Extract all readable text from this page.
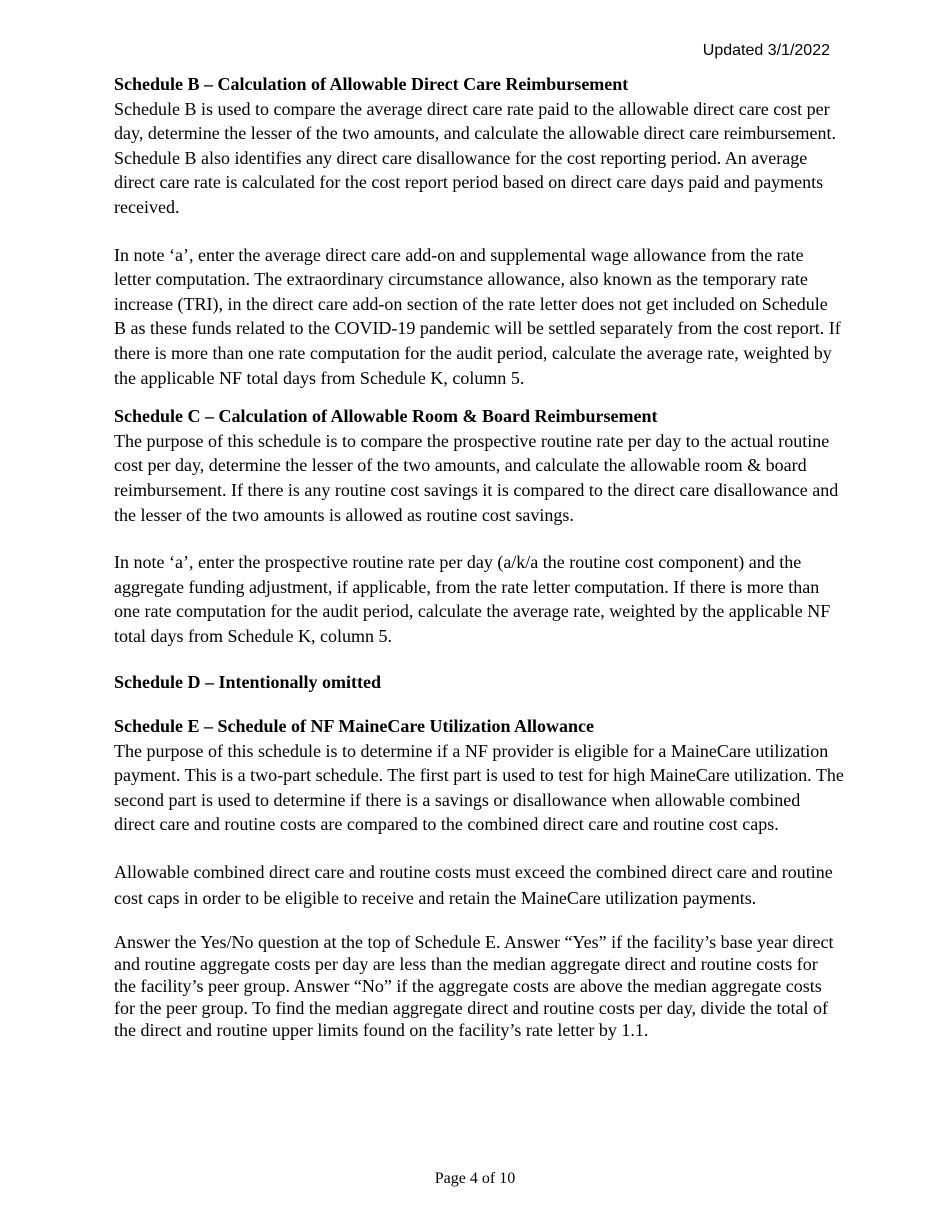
Updated 3/1/2022

Schedule B – Calculation of Allowable Direct Care Reimbursement

Schedule B is used to compare the average direct care rate paid to the allowable direct care cost per day, determine the lesser of the two amounts, and calculate the allowable direct care reimbursement. Schedule B also identifies any direct care disallowance for the cost reporting period. An average direct care rate is calculated for the cost report period based on direct care days paid and payments received.

In note ‘a’, enter the average direct care add-on and supplemental wage allowance from the rate letter computation. The extraordinary circumstance allowance, also known as the temporary rate increase (TRI), in the direct care add-on section of the rate letter does not get included on Schedule B as these funds related to the COVID-19 pandemic will be settled separately from the cost report. If there is more than one rate computation for the audit period, calculate the average rate, weighted by the applicable NF total days from Schedule K, column 5.

Schedule C – Calculation of Allowable Room & Board Reimbursement

The purpose of this schedule is to compare the prospective routine rate per day to the actual routine cost per day, determine the lesser of the two amounts, and calculate the allowable room & board reimbursement. If there is any routine cost savings it is compared to the direct care disallowance and the lesser of the two amounts is allowed as routine cost savings.

In note ‘a’, enter the prospective routine rate per day (a/k/a the routine cost component) and the aggregate funding adjustment, if applicable, from the rate letter computation. If there is more than one rate computation for the audit period, calculate the average rate, weighted by the applicable NF total days from Schedule K, column 5.

Schedule D – Intentionally omitted

Schedule E – Schedule of NF MaineCare Utilization Allowance

The purpose of this schedule is to determine if a NF provider is eligible for a MaineCare utilization payment. This is a two-part schedule. The first part is used to test for high MaineCare utilization. The second part is used to determine if there is a savings or disallowance when allowable combined direct care and routine costs are compared to the combined direct care and routine cost caps.

Allowable combined direct care and routine costs must exceed the combined direct care and routine cost caps in order to be eligible to receive and retain the MaineCare utilization payments.

Answer the Yes/No question at the top of Schedule E. Answer “Yes” if the facility’s base year direct and routine aggregate costs per day are less than the median aggregate direct and routine costs for the facility’s peer group. Answer “No” if the aggregate costs are above the median aggregate costs for the peer group. To find the median aggregate direct and routine costs per day, divide the total of the direct and routine upper limits found on the facility’s rate letter by 1.1.

Page 4 of 10
